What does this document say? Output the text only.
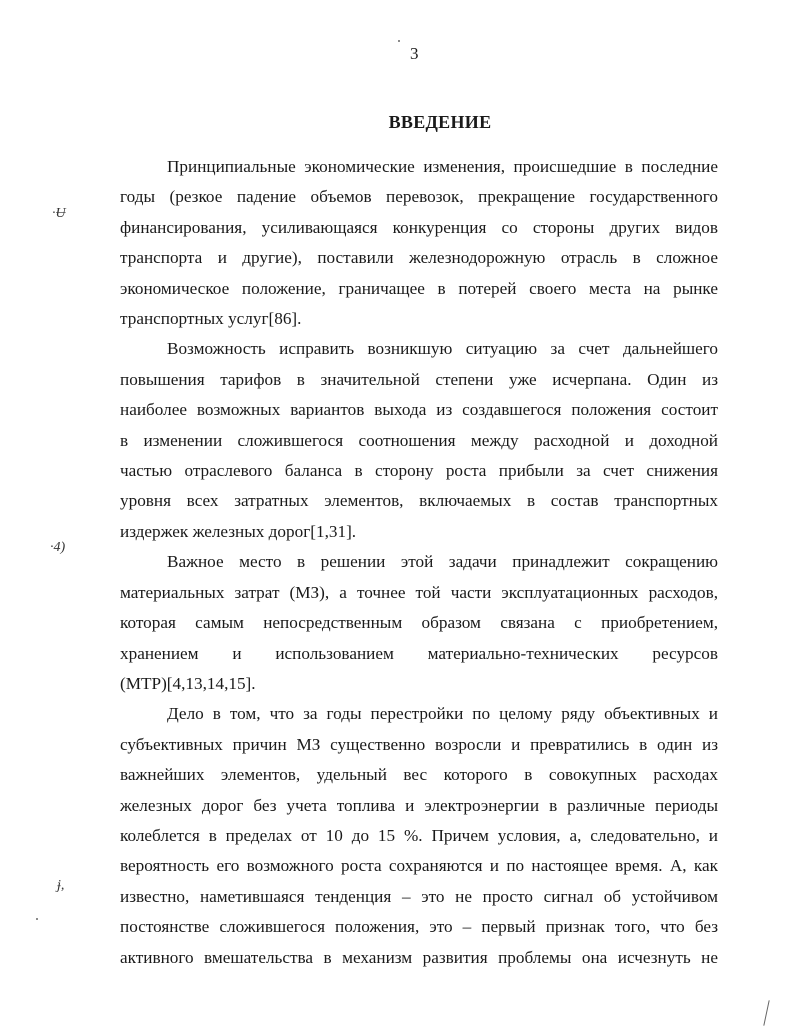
3
ВВЕДЕНИЕ
·Ʉ
·4)
ɉ,
Принципиальные экономические изменения, происшедшие в последние
годы (резкое падение объемов перевозок, прекращение государственного
финансирования, усиливающаяся конкуренция со стороны других видов
транспорта и другие), поставили железнодорожную отрасль в сложное
экономическое положение, граничащее в потерей своего места на рынке
транспортных услуг[86].
Возможность исправить возникшую ситуацию за счет дальнейшего
повышения тарифов в значительной степени уже исчерпана. Один из
наиболее возможных вариантов выхода из создавшегося положения состоит
в изменении сложившегося соотношения между расходной и доходной
частью отраслевого баланса в сторону роста прибыли за счет снижения
уровня всех затратных элементов, включаемых в состав транспортных
издержек железных дорог[1,31].
Важное место в решении этой задачи принадлежит сокращению
материальных затрат (МЗ), а точнее той части эксплуатационных расходов,
которая самым непосредственным образом связана с приобретением,
хранением и использованием материально-технических ресурсов
(МТР)[4,13,14,15].
Дело в том, что за годы перестройки по целому ряду объективных и
субъективных причин МЗ существенно возросли и превратились в один из
важнейших элементов, удельный вес которого в совокупных расходах
железных дорог без учета топлива и электроэнергии в различные периоды
колеблется в пределах от 10 до 15 %. Причем условия, а, следовательно, и
вероятность его возможного роста сохраняются и по настоящее время. А, как
известно, наметившаяся тенденция – это не просто сигнал об устойчивом
постоянстве сложившегося положения, это – первый признак того, что без
активного вмешательства в механизм развития проблемы она исчезнуть не
